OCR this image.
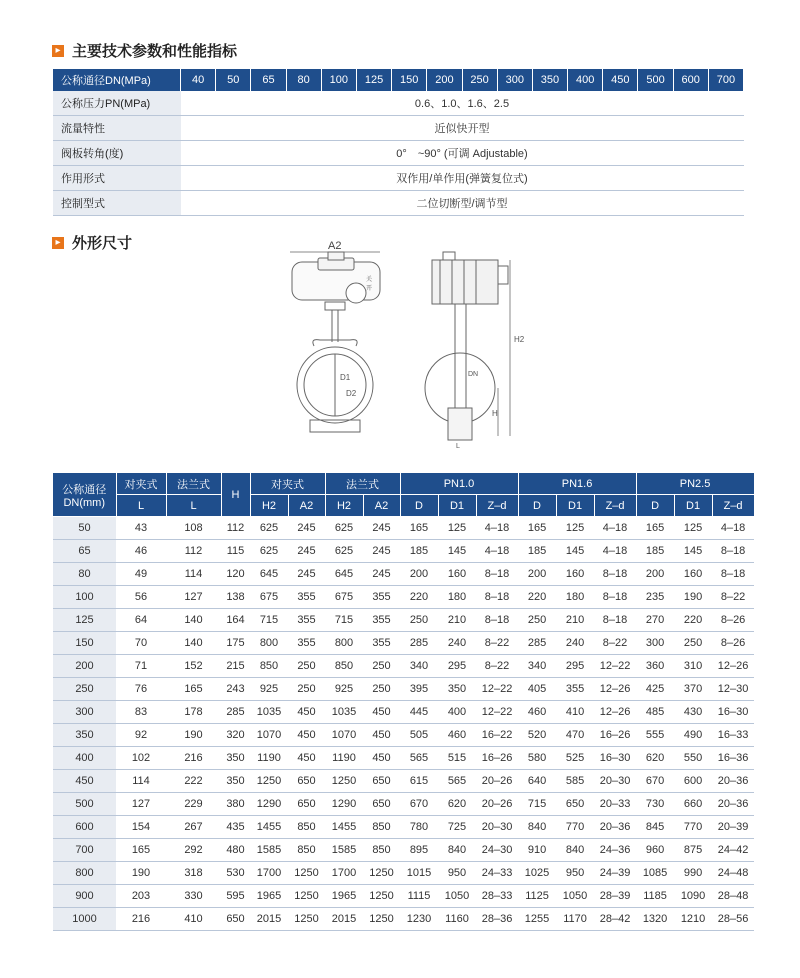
▸ 主要技术参数和性能指标
公称通径DN(MPa)	40	50	65	80	100	125	150	200	250	300	350	400	450	500	600	700
公称压力PN(MPa)	0.6、1.0、1.6、2.5															
流量特性	近似快开型															
阀板转角(度)	0°　~90° (可调 Adjustable)															
作用形式	双作用/单作用(弹簧复位式)															
控制型式	二位切断型/调节型															
▸ 外形尺寸	A2
关
开
D1
D2
DN
H2
H
L
公称通径
DN(mm)	对夹式	法兰式	H	对夹式		法兰式		PN1.0			PN1.6			PN2.5		
	L	L		H2	A2	H2	A2	D	D1	Z–d	D	D1	Z–d	D	D1	Z–d
50	43	108	112	625	245	625	245	165	125	4–18	165	125	4–18	165	125	4–18
65	46	112	115	625	245	625	245	185	145	4–18	185	145	4–18	185	145	8–18
80	49	114	120	645	245	645	245	200	160	8–18	200	160	8–18	200	160	8–18
100	56	127	138	675	355	675	355	220	180	8–18	220	180	8–18	235	190	8–22
125	64	140	164	715	355	715	355	250	210	8–18	250	210	8–18	270	220	8–26
150	70	140	175	800	355	800	355	285	240	8–22	285	240	8–22	300	250	8–26
200	71	152	215	850	250	850	250	340	295	8–22	340	295	12–22	360	310	12–26
250	76	165	243	925	250	925	250	395	350	12–22	405	355	12–26	425	370	12–30
300	83	178	285	1035	450	1035	450	445	400	12–22	460	410	12–26	485	430	16–30
350	92	190	320	1070	450	1070	450	505	460	16–22	520	470	16–26	555	490	16–33
400	102	216	350	1190	450	1190	450	565	515	16–26	580	525	16–30	620	550	16–36
450	114	222	350	1250	650	1250	650	615	565	20–26	640	585	20–30	670	600	20–36
500	127	229	380	1290	650	1290	650	670	620	20–26	715	650	20–33	730	660	20–36
600	154	267	435	1455	850	1455	850	780	725	20–30	840	770	20–36	845	770	20–39
700	165	292	480	1585	850	1585	850	895	840	24–30	910	840	24–36	960	875	24–42
800	190	318	530	1700	1250	1700	1250	1015	950	24–33	1025	950	24–39	1085	990	24–48
900	203	330	595	1965	1250	1965	1250	1115	1050	28–33	1125	1050	28–39	1185	1090	28–48
1000	216	410	650	2015	1250	2015	1250	1230	1160	28–36	1255	1170	28–42	1320	1210	28–56
